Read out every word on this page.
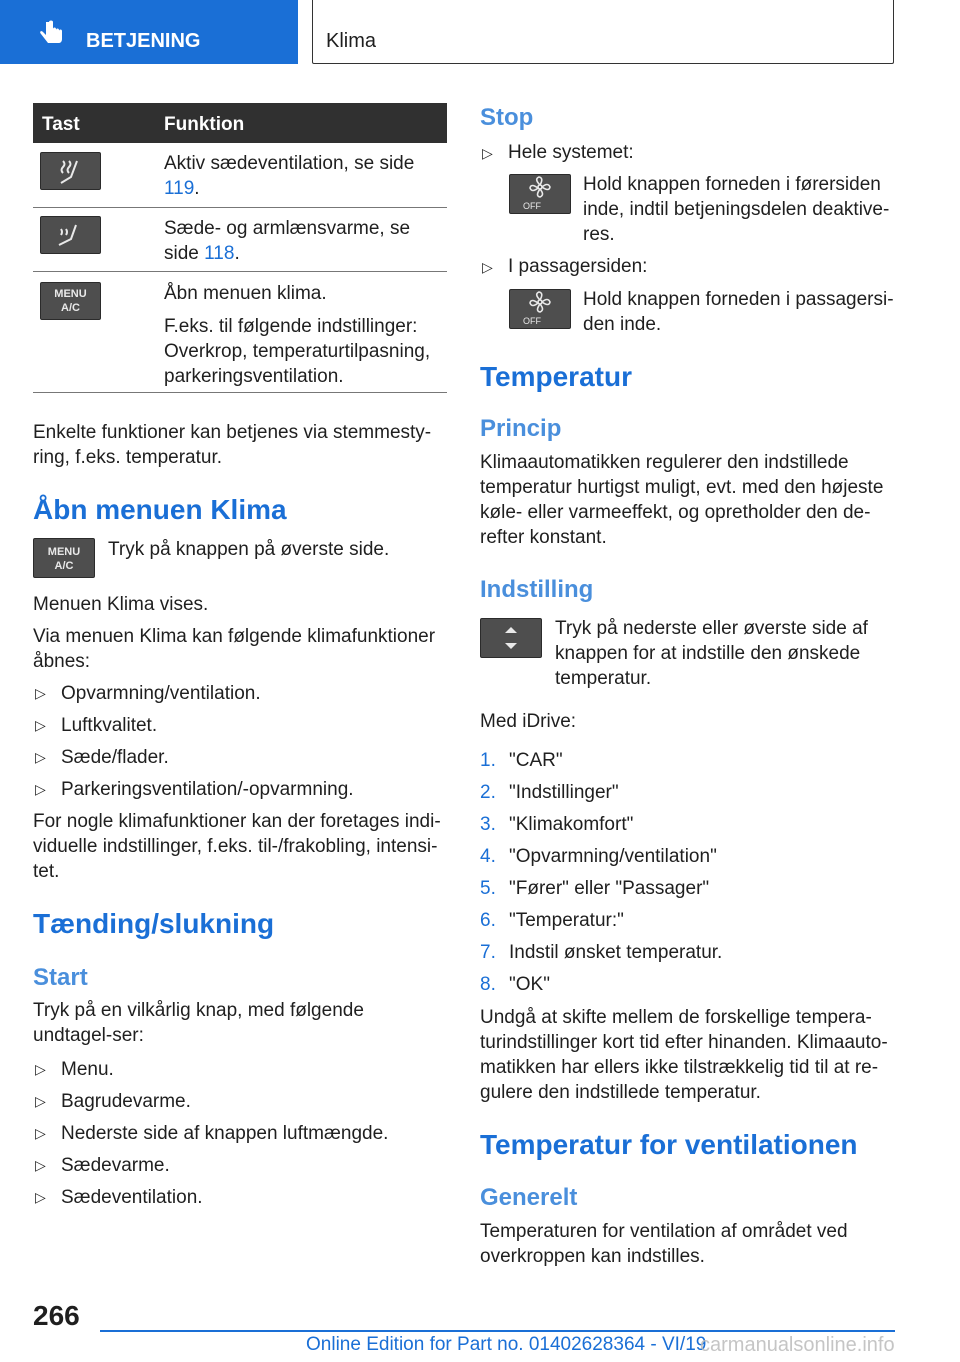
BETJENING	Klima
Tast	Funktion
Aktiv sædeventilation, se side 119.
Sæde- og armlænsvarme, se side 118.
MENU
A/C

Åbn menuen klima.

F.eks. til følgende indstillinger: Overkrop, temperaturtilpasning, parkeringsventilation.

Enkelte funktioner kan betjenes via stemmesty-ring, f.eks. temperatur.

Åbn menuen Klima
MENU
A/C

Tryk på knappen på øverste side.

Menuen Klima vises.

Via menuen Klima kan følgende klimafunktioner åbnes:

▷ Opvarmning/ventilation.

▷ Luftkvalitet.

▷ Sæde/flader.

▷ Parkeringsventilation/-opvarmning.

For nogle klimafunktioner kan der foretages indi-viduelle indstillinger, f.eks. til-/frakobling, intensi-tet.

Tænding/slukning
Start

Tryk på en vilkårlig knap, med følgende undtagel-ser:

▷ Menu.

▷ Bagrudevarme.

▷ Nederste side af knappen luftmængde.

▷ Sædevarme.

▷ Sædeventilation.

Stop
▷ Hele systemet:

OFF

Hold knappen forneden i førersiden inde, indtil betjeningsdelen deaktive-res.

▷ I passagersiden:

OFF

Hold knappen forneden i passagersi-den inde.

Temperatur
Princip

Klimaautomatikken regulerer den indstillede temperatur hurtigst muligt, evt. med den højeste køle- eller varmeeffekt, og opretholder den de-refter konstant.

Indstilling

Tryk på nederste eller øverste side af knappen for at indstille den ønskede temperatur.

Med iDrive:

1. "CAR"

2. "Indstillinger"

3. "Klimakomfort"

4. "Opvarmning/ventilation"

5. "Fører" eller "Passager"

6. "Temperatur:"

7. Indstil ønsket temperatur.

8. "OK"

Undgå at skifte mellem de forskellige tempera-turindstillinger kort tid efter hinanden. Klimaauto-matikken har ellers ikke tilstrækkelig tid til at re-gulere den indstillede temperatur.

Temperatur for ventilationen
Generelt

Temperaturen for ventilation af området ved overkroppen kan indstilles.

266
Online Edition for Part no. 01402628364 - VI/19
carmanualsonline.info
